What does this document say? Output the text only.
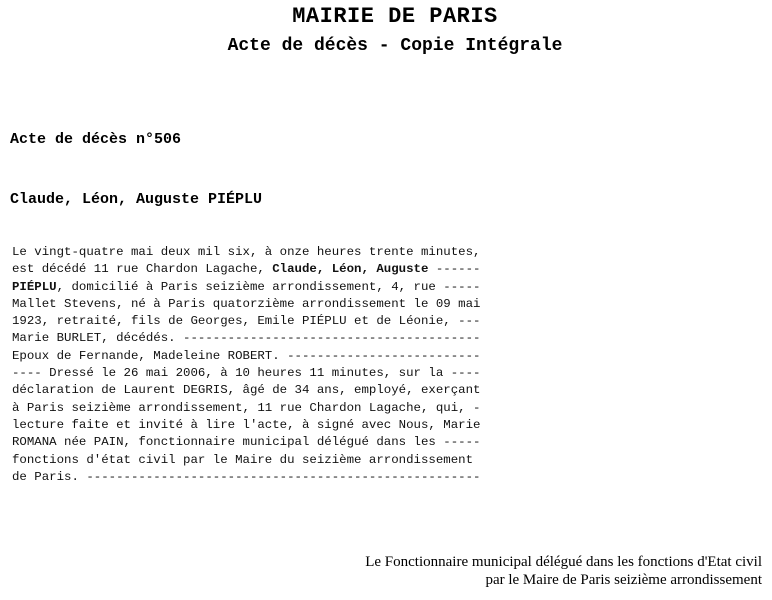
MAIRIE DE PARIS
Acte de décès - Copie Intégrale
Acte de décès n°506
Claude, Léon, Auguste PIÉPLU
Le vingt-quatre mai deux mil six, à onze heures trente minutes,
est décédé 11 rue Chardon Lagache, Claude, Léon, Auguste ------
PIÉPLU, domicilié à Paris seizième arrondissement, 4, rue -----
Mallet Stevens, né à Paris quatorzième arrondissement le 09 mai
1923, retraité, fils de Georges, Emile PIÉPLU et de Léonie, ---
Marie BURLET, décédés. ----------------------------------------
Epoux de Fernande, Madeleine ROBERT. --------------------------
---- Dressé le 26 mai 2006, à 10 heures 11 minutes, sur la ----
déclaration de Laurent DEGRIS, âgé de 34 ans, employé, exerçant
à Paris seizième arrondissement, 11 rue Chardon Lagache, qui, -
lecture faite et invité à lire l'acte, à signé avec Nous, Marie
ROMANA née PAIN, fonctionnaire municipal délégué dans les -----
fonctions d'état civil par le Maire du seizième arrondissement
de Paris. -----------------------------------------------------
Le Fonctionnaire municipal délégué dans les fonctions d'Etat civil
par le Maire de Paris seizième arrondissement
